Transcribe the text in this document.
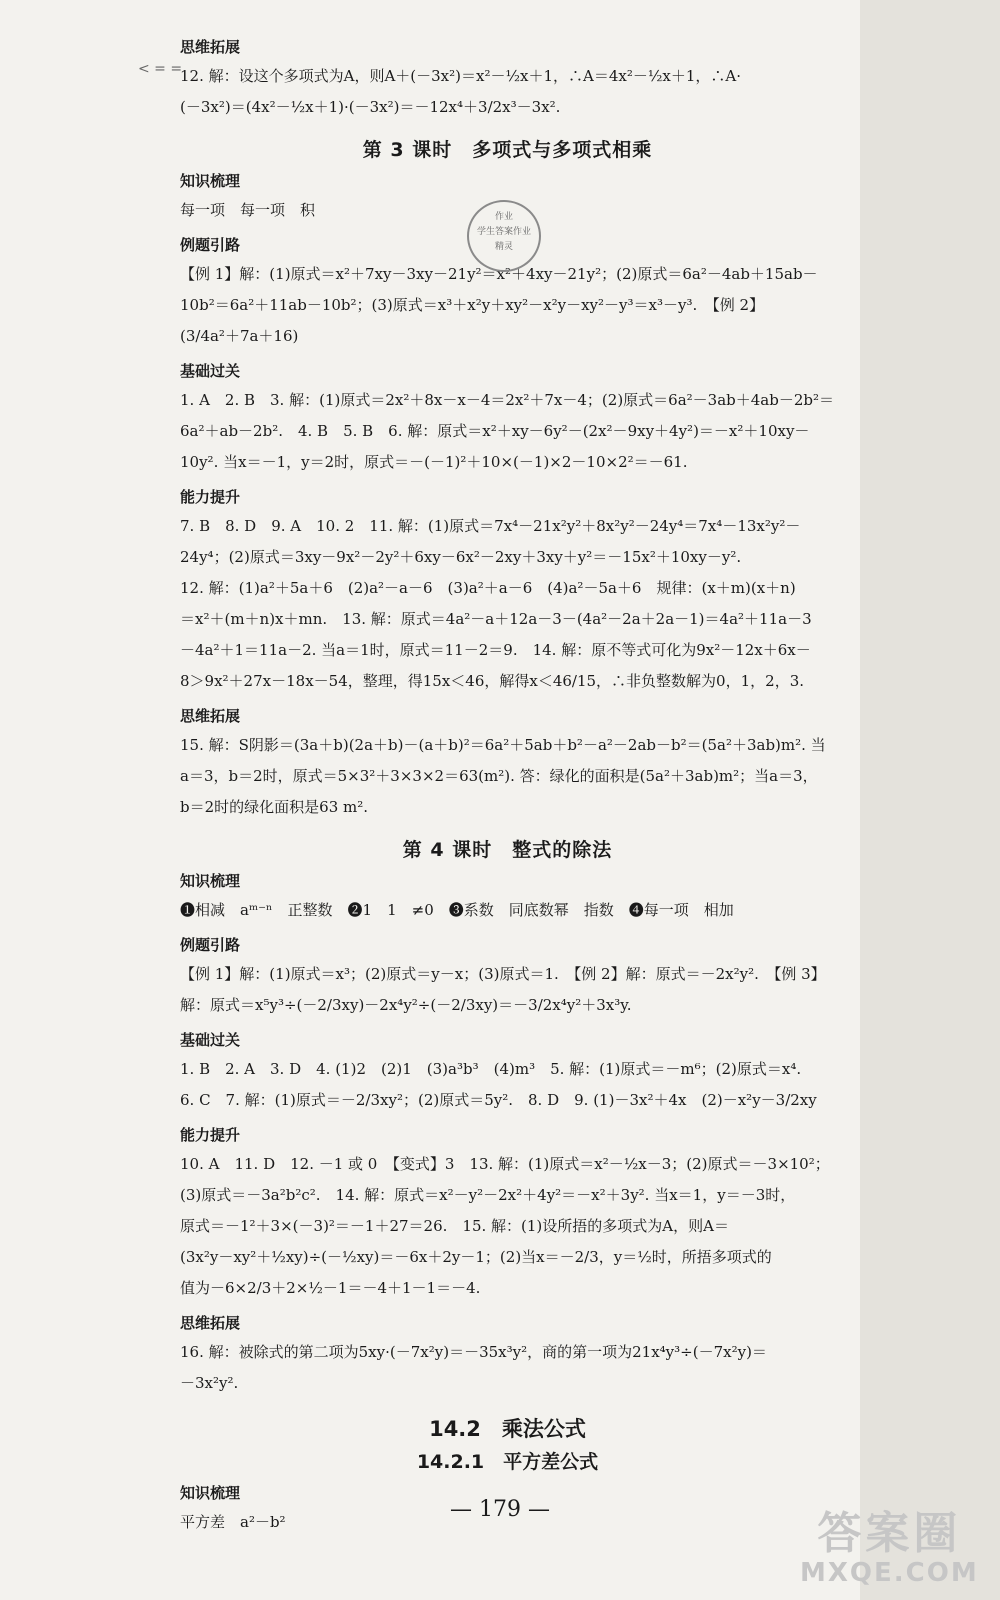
< = =
思维拓展
12. 解：设这个多项式为A，则A＋(－3x²)＝x²－½x＋1，∴A＝4x²－½x＋1，∴A·
(－3x²)＝(4x²－½x＋1)·(－3x²)＝－12x⁴＋3/2x³－3x².
第 3 课时　多项式与多项式相乘
知识梳理
每一项　每一项　积
例题引路
【例 1】解：(1)原式＝x²＋7xy－3xy－21y²＝x²＋4xy－21y²；(2)原式＝6a²－4ab＋15ab－
10b²＝6a²＋11ab－10b²；(3)原式＝x³＋x²y＋xy²－x²y－xy²－y³＝x³－y³.　【例 2】
(3/4a²＋7a＋16)
基础过关
1. A　2. B　3. 解：(1)原式＝2x²＋8x－x－4＝2x²＋7x－4；(2)原式＝6a²－3ab＋4ab－2b²＝
6a²＋ab－2b².　4. B　5. B　6. 解：原式＝x²＋xy－6y²－(2x²－9xy＋4y²)＝－x²＋10xy－
10y². 当x＝－1，y＝2时，原式＝－(－1)²＋10×(－1)×2－10×2²＝－61.
能力提升
7. B　8. D　9. A　10. 2　11. 解：(1)原式＝7x⁴－21x²y²＋8x²y²－24y⁴＝7x⁴－13x²y²－
24y⁴；(2)原式＝3xy－9x²－2y²＋6xy－6x²－2xy＋3xy＋y²＝－15x²＋10xy－y².
12. 解：(1)a²＋5a＋6　(2)a²－a－6　(3)a²＋a－6　(4)a²－5a＋6　规律：(x＋m)(x＋n)
＝x²＋(m＋n)x＋mn.　13. 解：原式＝4a²－a＋12a－3－(4a²－2a＋2a－1)＝4a²＋11a－3
－4a²＋1＝11a－2. 当a＝1时，原式＝11－2＝9.　14. 解：原不等式可化为9x²－12x＋6x－
8＞9x²＋27x－18x－54，整理，得15x＜46，解得x＜46/15，∴非负整数解为0，1，2，3.
思维拓展
15. 解：S阴影＝(3a＋b)(2a＋b)－(a＋b)²＝6a²＋5ab＋b²－a²－2ab－b²＝(5a²＋3ab)m². 当
a＝3，b＝2时，原式＝5×3²＋3×3×2＝63(m²). 答：绿化的面积是(5a²＋3ab)m²；当a＝3，
b＝2时的绿化面积是63 m².
第 4 课时　整式的除法
知识梳理
❶相减　aᵐ⁻ⁿ　正整数　❷1　1　≠0　❸系数　同底数幂　指数　❹每一项　相加
例题引路
【例 1】解：(1)原式＝x³；(2)原式＝y－x；(3)原式＝1.　【例 2】解：原式＝－2x²y².　【例 3】
解：原式＝x⁵y³÷(－2/3xy)－2x⁴y²÷(－2/3xy)＝－3/2x⁴y²＋3x³y.
基础过关
1. B　2. A　3. D　4. (1)2　(2)1　(3)a³b³　(4)m³　5. 解：(1)原式＝－m⁶；(2)原式＝x⁴.
6. C　7. 解：(1)原式＝－2/3xy²；(2)原式＝5y².　8. D　9. (1)－3x²＋4x　(2)－x²y－3/2xy
能力提升
10. A　11. D　12. －1 或 0　【变式】3　13. 解：(1)原式＝x²－½x－3；(2)原式＝－3×10²；
(3)原式＝－3a²b²c².　14. 解：原式＝x²－y²－2x²＋4y²＝－x²＋3y². 当x＝1，y＝－3时，
原式＝－1²＋3×(－3)²＝－1＋27＝26.　15. 解：(1)设所捂的多项式为A，则A＝
(3x²y－xy²＋½xy)÷(－½xy)＝－6x＋2y－1；(2)当x＝－2/3，y＝½时，所捂多项式的
值为－6×2/3＋2×½－1＝－4＋1－1＝－4.
思维拓展
16. 解：被除式的第二项为5xy·(－7x²y)＝－35x³y²，商的第一项为21x⁴y³÷(－7x²y)＝
－3x²y².
14.2　乘法公式
14.2.1　平方差公式
知识梳理
平方差　a²－b²
作业
学生答案作业
精灵
— 179 —	答案圈
MXQE.COM
